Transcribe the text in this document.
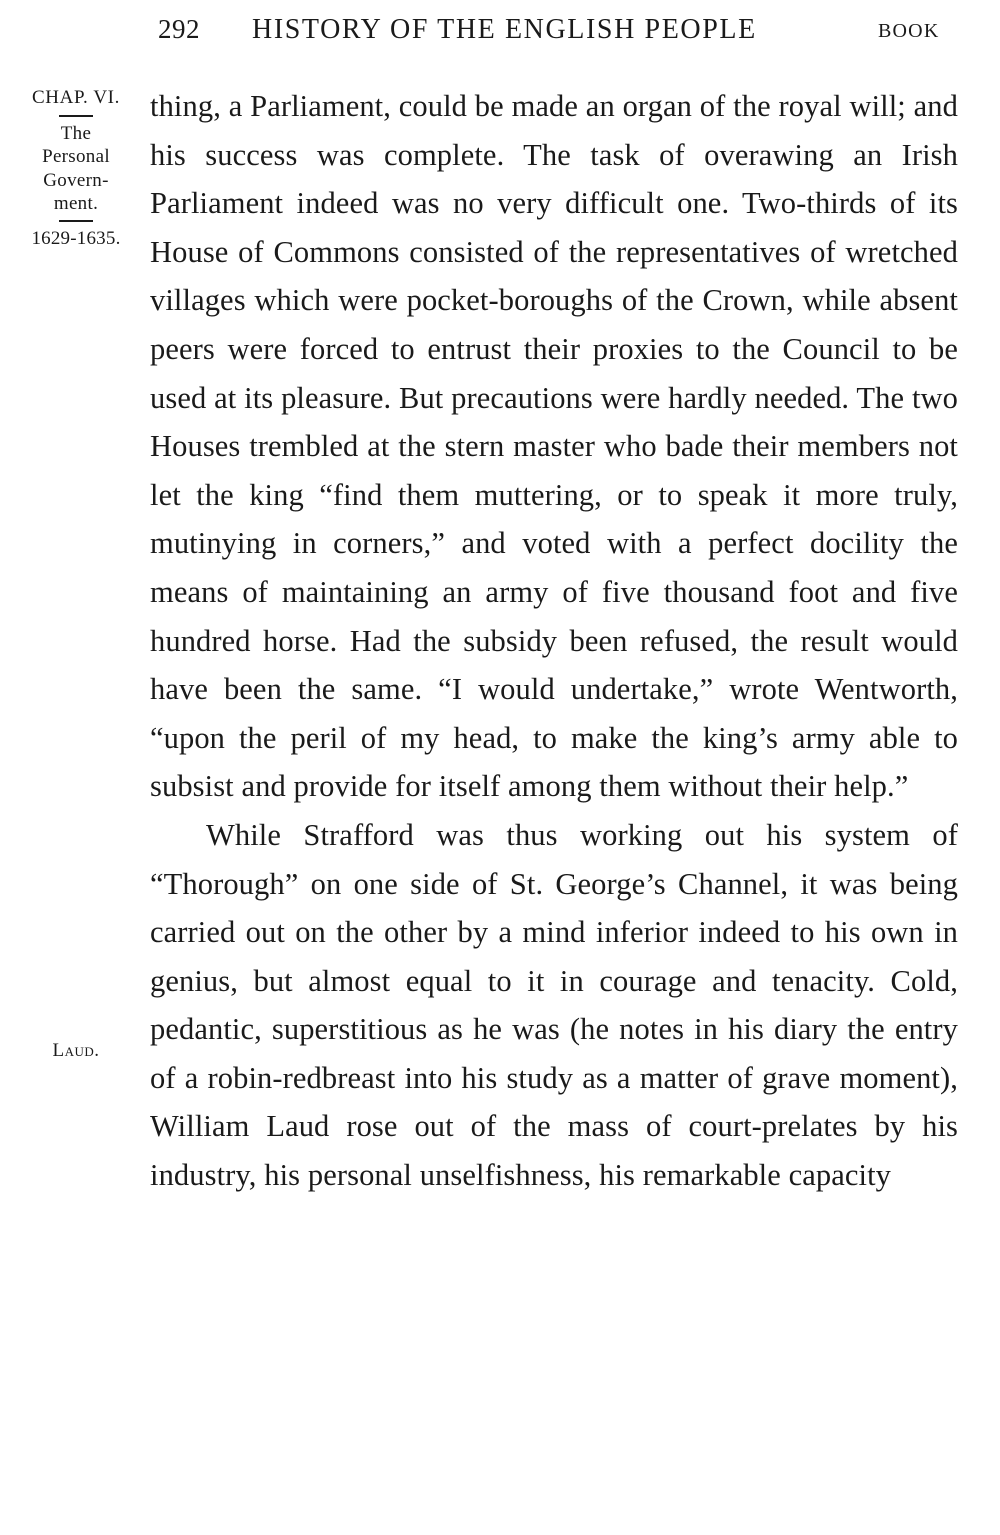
292 HISTORY OF THE ENGLISH PEOPLE	BOOK
CHAP. VI.
The
Personal
Govern-
ment.
1629-1635.
Laud.

thing, a Parliament, could be made an organ of the royal will; and his success was complete. The task of overawing an Irish Parliament indeed was no very difficult one. Two-thirds of its House of Commons consisted of the representatives of wretched villages which were pocket-boroughs of the Crown, while absent peers were forced to entrust their proxies to the Council to be used at its pleasure. But precautions were hardly needed. The two Houses trembled at the stern master who bade their members not let the king “find them muttering, or to speak it more truly, mutinying in corners,” and voted with a perfect docility the means of maintaining an army of five thousand foot and five hundred horse. Had the subsidy been refused, the result would have been the same. “I would undertake,” wrote Wentworth, “upon the peril of my head, to make the king’s army able to subsist and provide for itself among them without their help.”

While Strafford was thus working out his system of “Thorough” on one side of St. George’s Channel, it was being carried out on the other by a mind inferior indeed to his own in genius, but almost equal to it in courage and tenacity. Cold, pedantic, superstitious as he was (he notes in his diary the entry of a robin-redbreast into his study as a matter of grave moment), William Laud rose out of the mass of court-prelates by his industry, his personal unselfishness, his remarkable capacity
